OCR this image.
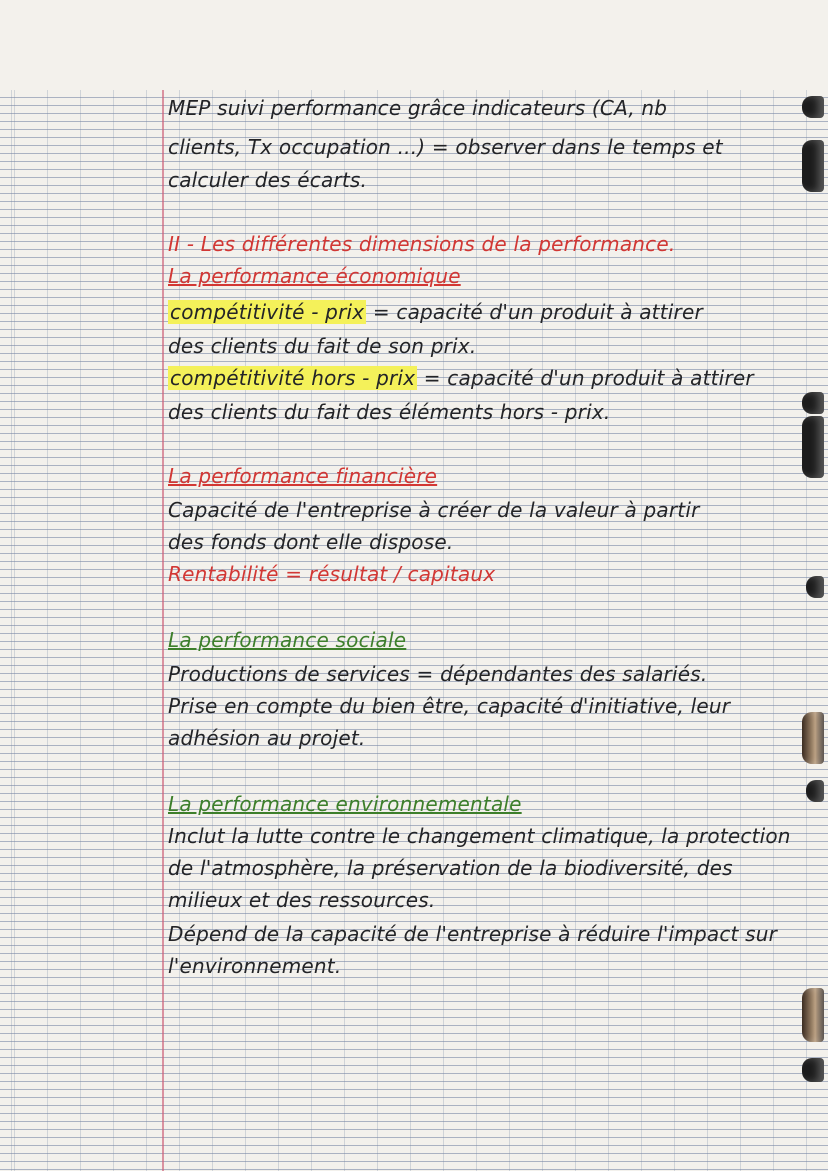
MEP suivi performance grâce indicateurs (CA, nb
clients, Tx occupation ...) = observer dans le temps et
calculer des écarts.
II - Les différentes dimensions de la performance.
La performance économique
compétitivité - prix = capacité d'un produit à attirer
des clients du fait de son prix.
compétitivité hors - prix = capacité d'un produit à attirer
des clients du fait des éléments hors - prix.
La performance financière
Capacité de l'entreprise à créer de la valeur à partir
des fonds dont elle dispose.
Rentabilité = résultat / capitaux
La performance sociale
Productions de services = dépendantes des salariés.
Prise en compte du bien être, capacité d'initiative, leur
adhésion au projet.
La performance environnementale
Inclut la lutte contre le changement climatique, la protection
de l'atmosphère, la préservation de la biodiversité, des
milieux et des ressources.
Dépend de la capacité de l'entreprise à réduire l'impact sur
l'environnement.
